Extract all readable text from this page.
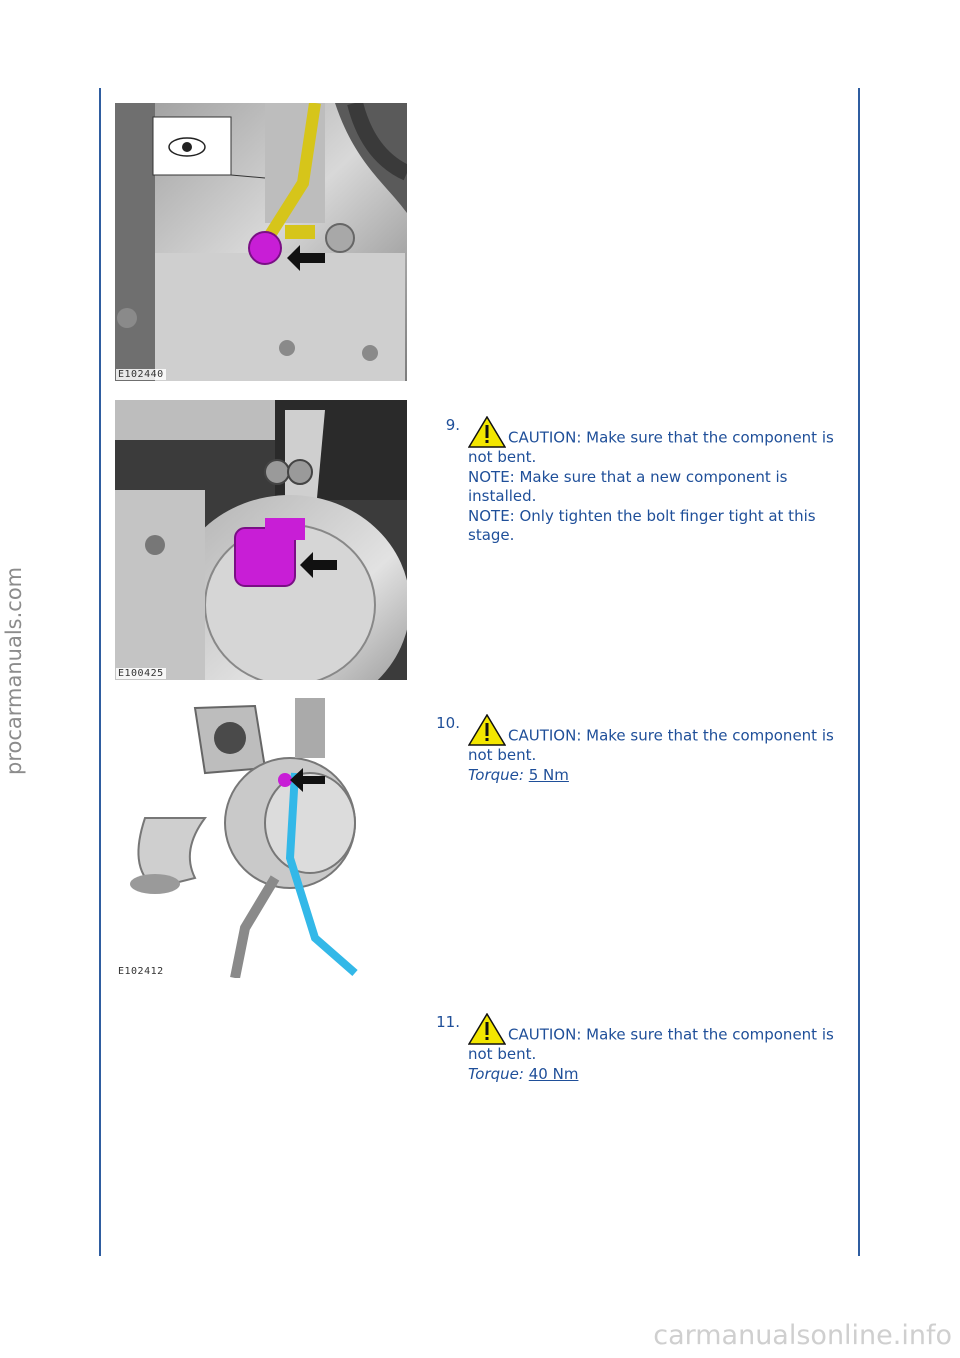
procarmanuals.com
carmanualsonline.info
E102440
E100425
E102412
9.
CAUTION: Make sure that the component is not bent.
NOTE: Make sure that a new component is installed.
NOTE: Only tighten the bolt finger tight at this stage.
10.
CAUTION: Make sure that the component is not bent.
Torque: 5 Nm
11.
CAUTION: Make sure that the component is not bent.
Torque: 40 Nm
